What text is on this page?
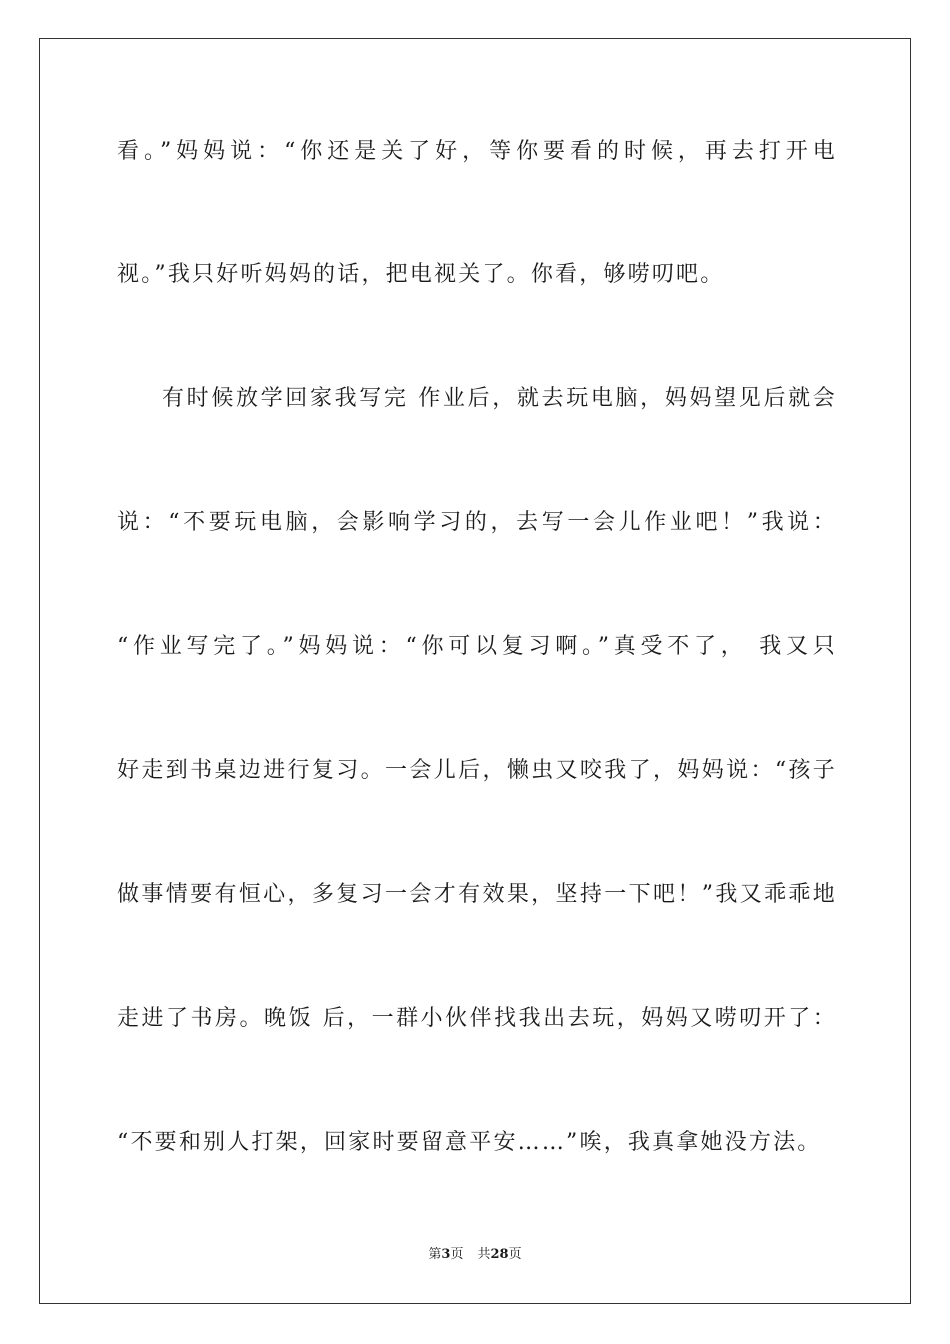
看。”妈妈说：“你还是关了好，等你要看的时候，再去打开电
视。”我只好听妈妈的话，把电视关了。你看，够唠叨吧。
有时候放学回家我写完 作业后，就去玩电脑，妈妈望见后就会
说：“不要玩电脑，会影响学习的，去写一会儿作业吧！”我说：
“作业写完了。”妈妈说：“你可以复习啊。”真受不了， 我又只
好走到书桌边进行复习。一会儿后，懒虫又咬我了，妈妈说：“孩子
做事情要有恒心，多复习一会才有效果，坚持一下吧！”我又乖乖地
走进了书房。晚饭 后，一群小伙伴找我出去玩，妈妈又唠叨开了：
“不要和别人打架，回家时要留意平安……”唉，我真拿她没方法。
第3页 共28页
